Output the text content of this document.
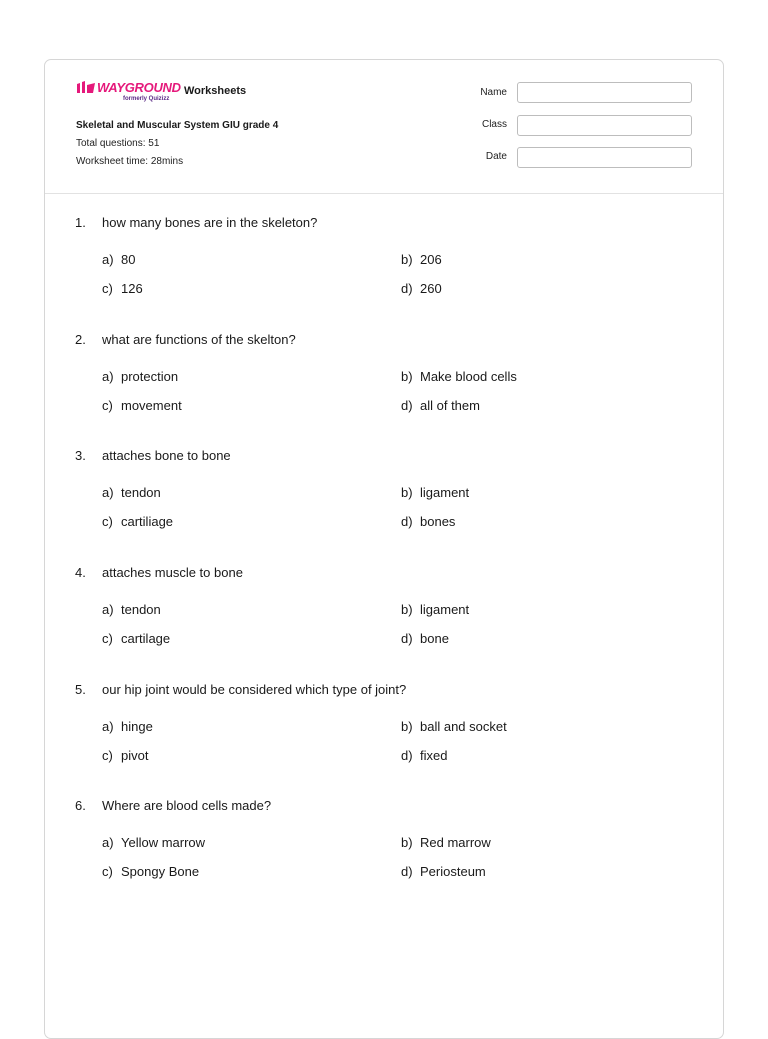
WAYGROUND
formerly Quizizz
Worksheets
Skeletal and Muscular System GIU grade 4
Total questions: 51
Worksheet time: 28mins
Name
Class
Date
1. how many bones are in the skeleton?
a) 80	b) 206
c) 126	d) 260
2. what are functions of the skelton?
a) protection	b) Make blood cells
c) movement	d) all of them
3. attaches bone to bone
a) tendon	b) ligament
c) cartiliage	d) bones
4. attaches muscle to bone
a) tendon	b) ligament
c) cartilage	d) bone
5. our hip joint would be considered which type of joint?
a) hinge	b) ball and socket
c) pivot	d) fixed
6. Where are blood cells made?
a) Yellow marrow	b) Red marrow
c) Spongy Bone	d) Periosteum
